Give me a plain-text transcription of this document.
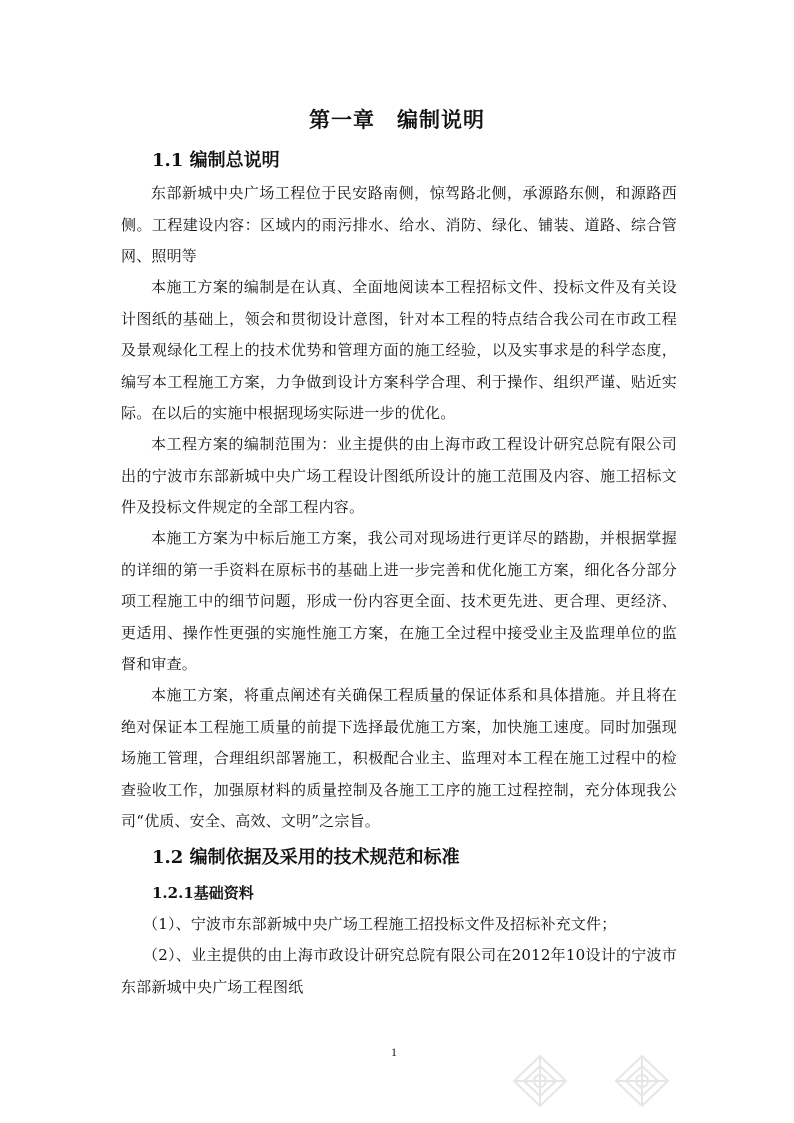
第一章　编制说明
1.1 编制总说明

东部新城中央广场工程位于民安路南侧，惊驾路北侧，承源路东侧，和源路西侧。工程建设内容：区域内的雨污排水、给水、消防、绿化、铺装、道路、综合管网、照明等

本施工方案的编制是在认真、全面地阅读本工程招标文件、投标文件及有关设计图纸的基础上，领会和贯彻设计意图，针对本工程的特点结合我公司在市政工程及景观绿化工程上的技术优势和管理方面的施工经验，以及实事求是的科学态度，编写本工程施工方案，力争做到设计方案科学合理、利于操作、组织严谨、贴近实际。在以后的实施中根据现场实际进一步的优化。

本工程方案的编制范围为：业主提供的由上海市政工程设计研究总院有限公司出的宁波市东部新城中央广场工程设计图纸所设计的施工范围及内容、施工招标文件及投标文件规定的全部工程内容。

本施工方案为中标后施工方案，我公司对现场进行更详尽的踏勘，并根据掌握的详细的第一手资料在原标书的基础上进一步完善和优化施工方案，细化各分部分项工程施工中的细节问题，形成一份内容更全面、技术更先进、更合理、更经济、更适用、操作性更强的实施性施工方案，在施工全过程中接受业主及监理单位的监督和审查。

本施工方案，将重点阐述有关确保工程质量的保证体系和具体措施。并且将在绝对保证本工程施工质量的前提下选择最优施工方案，加快施工速度。同时加强现场施工管理，合理组织部署施工，积极配合业主、监理对本工程在施工过程中的检查验收工作，加强原材料的质量控制及各施工工序的施工过程控制，充分体现我公司“优质、安全、高效、文明”之宗旨。

1.2 编制依据及采用的技术规范和标准
1.2.1基础资料

（1）、宁波市东部新城中央广场工程施工招投标文件及招标补充文件；

（2）、业主提供的由上海市政设计研究总院有限公司在2012年10设计的宁波市东部新城中央广场工程图纸

1
